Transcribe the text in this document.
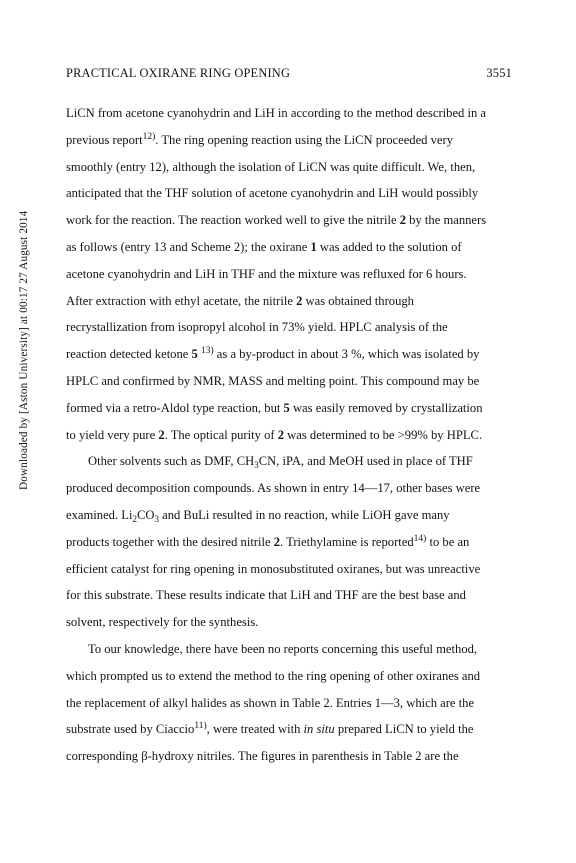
PRACTICAL OXIRANE RING OPENING	3551
Downloaded by [Aston University] at 00:17 27 August 2014
LiCN from acetone cyanohydrin and LiH in according to the method described in a
previous report$^{12)}$. The ring opening reaction using the LiCN proceeded very
smoothly (entry 12), although the isolation of LiCN was quite difficult. We, then,
anticipated that the THF solution of acetone cyanohydrin and LiH would possibly
work for the reaction. The reaction worked well to give the nitrile 2 by the manners
as follows (entry 13 and Scheme 2); the oxirane 1 was added to the solution of
acetone cyanohydrin and LiH in THF and the mixture was refluxed for 6 hours.
After extraction with ethyl acetate, the nitrile 2 was obtained through
recrystallization from isopropyl alcohol in 73% yield. HPLC analysis of the
reaction detected ketone 5 $^{13)}$ as a by-product in about 3 %, which was isolated by
HPLC and confirmed by NMR, MASS and melting point. This compound may be
formed via a retro-Aldol type reaction, but 5 was easily removed by crystallization
to yield very pure 2. The optical purity of 2 was determined to be >99% by HPLC.
Other solvents such as DMF, $CH_3CN$, iPA, and MeOH used in place of THF
produced decomposition compounds. As shown in entry 14—17, other bases were
examined. $Li_2CO_3$ and BuLi resulted in no reaction, while LiOH gave many
products together with the desired nitrile 2. Triethylamine is reported$^{14)}$ to be an
efficient catalyst for ring opening in monosubstituted oxiranes, but was unreactive
for this substrate. These results indicate that LiH and THF are the best base and
solvent, respectively for the synthesis.
To our knowledge, there have been no reports concerning this useful method,
which prompted us to extend the method to the ring opening of other oxiranes and
the replacement of alkyl halides as shown in Table 2. Entries 1—3, which are the
substrate used by Ciaccio$^{11)}$, were treated with in situ prepared LiCN to yield the
corresponding β-hydroxy nitriles. The figures in parenthesis in Table 2 are the
